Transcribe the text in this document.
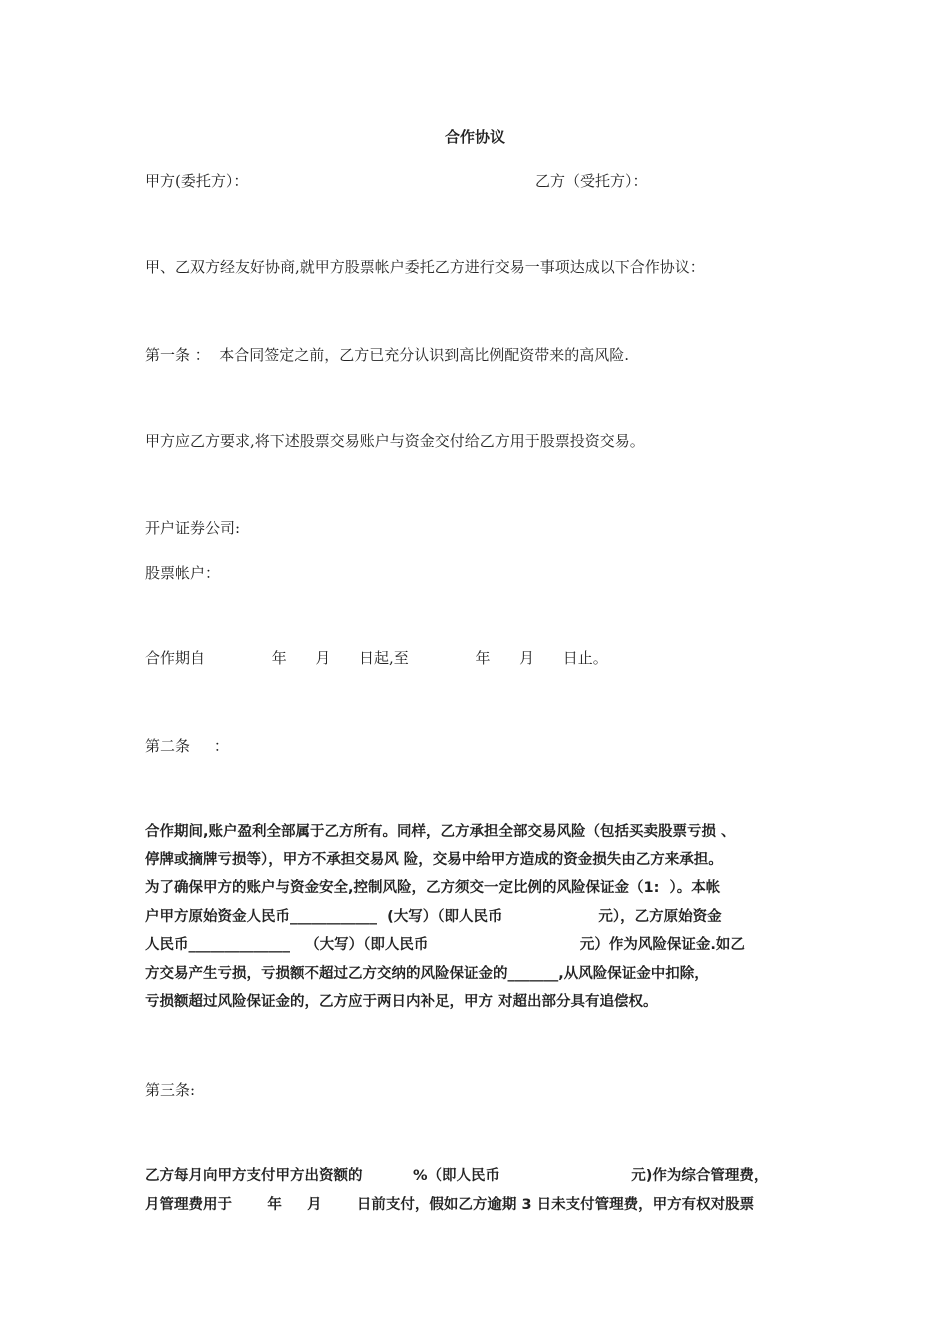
合作协议
甲方(委托方）：	乙方（受托方）：
甲、乙双方经友好协商,就甲方股票帐户委托乙方进行交易一事项达成以下合作协议：
第一条 ：  本合同签定之前，乙方已充分认识到高比例配资带来的高风险.
甲方应乙方要求,将下述股票交易账户与资金交付给乙方用于股票投资交易。
开户证券公司:
股票帐户：
合作期自              年      月      日起,至              年      月      日止。
第二条     ：
合作期间,账户盈利全部属于乙方所有。同样，乙方承担全部交易风险（包括买卖股票亏损 、
停牌或摘牌亏损等），甲方不承担交易风 险，交易中给甲方造成的资金损失由乙方来承担。
为了确保甲方的账户与资金安全,控制风险，乙方须交一定比例的风险保证金（1:  ）。本帐
户甲方原始资金人民币____________  (大写）（即人民币                   元），乙方原始资金
人民币______________   （大写）（即人民币                              元）作为风险保证金.如乙
方交易产生亏损，亏损额不超过乙方交纳的风险保证金的_______,从风险保证金中扣除，
亏损额超过风险保证金的，乙方应于两日内补足，甲方 对超出部分具有追偿权。
第三条:
乙方每月向甲方支付甲方出资额的          %（即人民币                          元)作为综合管理费，
月管理费用于       年     月       日前支付，假如乙方逾期 3 日未支付管理费，甲方有权对股票
